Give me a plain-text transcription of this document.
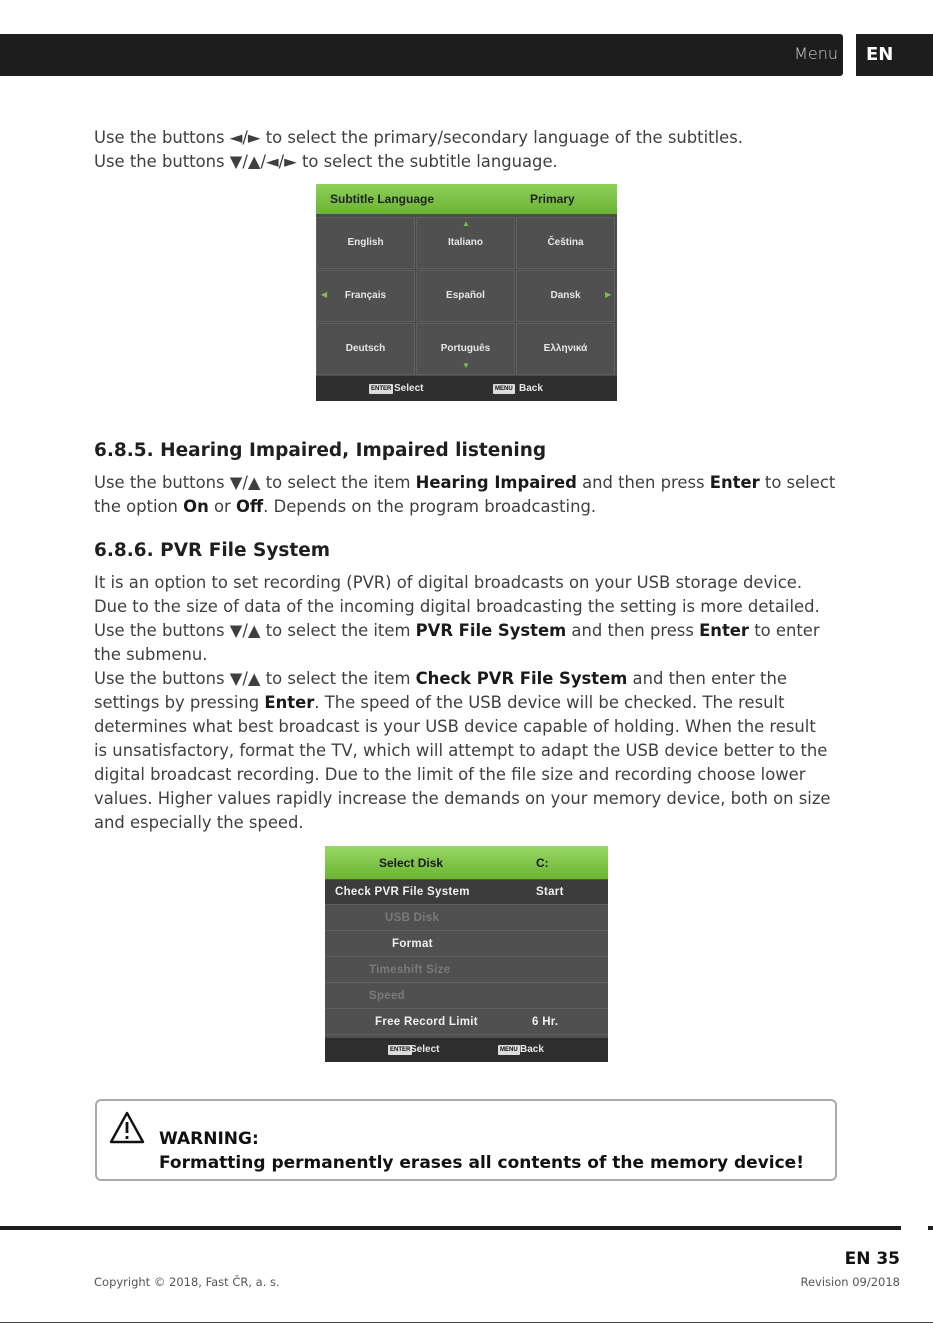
Menu EN
Use the buttons ◄/► to select the primary/secondary language of the subtitles.
Use the buttons ▼/▲/◄/► to select the subtitle language.
Subtitle Language	Primary
English	Italiano	Čeština
Français	Español	Dansk
Deutsch	Português	Ελληνικά
▲
▼
◀	▶
ENTER Select	MENU Back
6.8.5. Hearing Impaired, Impaired listening
Use the buttons ▼/▲ to select the item Hearing Impaired and then press Enter to select
the option On or Off. Depends on the program broadcasting.
6.8.6. PVR File System
It is an option to set recording (PVR) of digital broadcasts on your USB storage device.
Due to the size of data of the incoming digital broadcasting the setting is more detailed.
Use the buttons ▼/▲ to select the item PVR File System and then press Enter to enter
the submenu.
Use the buttons ▼/▲ to select the item Check PVR File System and then enter the
settings by pressing Enter. The speed of the USB device will be checked. The result
determines what best broadcast is your USB device capable of holding. When the result
is unsatisfactory, format the TV, which will attempt to adapt the USB device better to the
digital broadcast recording. Due to the limit of the file size and recording choose lower
values. Higher values rapidly increase the demands on your memory device, both on size
and especially the speed.
Select Disk	C:
Check PVR File System	Start
USB Disk
Format
Timeshift Size
Speed
Free Record Limit	6 Hr.
ENTER Select	MENU Back
WARNING:
Formatting permanently erases all contents of the memory device!
EN 35
Copyright © 2018, Fast ČR, a. s.	Revision 09/2018
